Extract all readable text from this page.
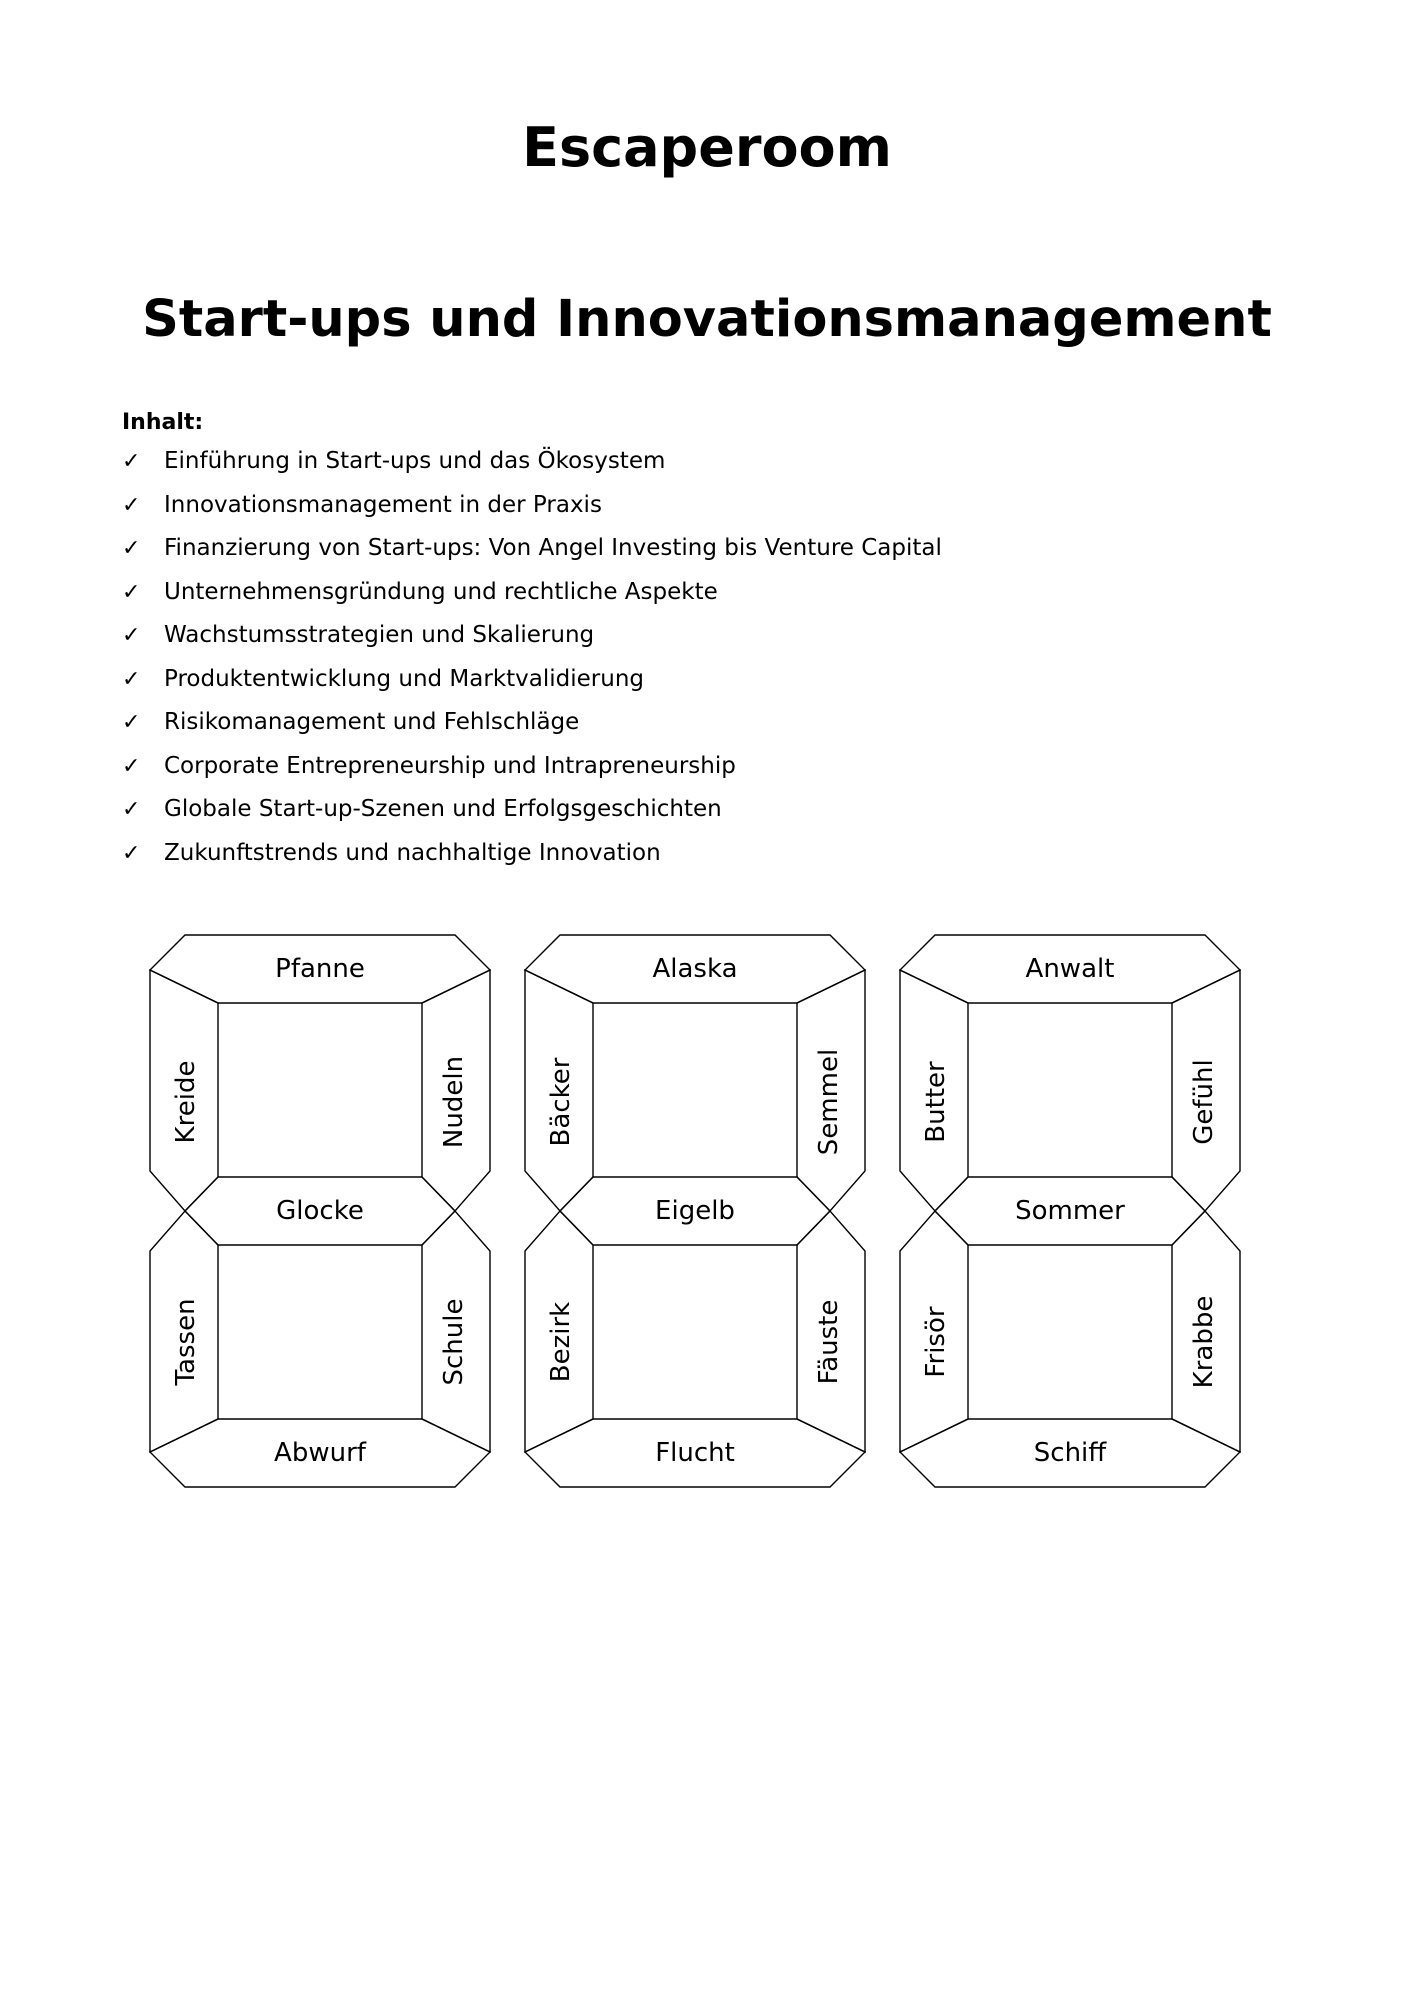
Escaperoom
Start-ups und Innovationsmanagement
Inhalt:
✓ Einführung in Start-ups und das Ökosystem
✓ Innovationsmanagement in der Praxis
✓ Finanzierung von Start-ups: Von Angel Investing bis Venture Capital
✓ Unternehmensgründung und rechtliche Aspekte
✓ Wachstumsstrategien und Skalierung
✓ Produktentwicklung und Marktvalidierung
✓ Risikomanagement und Fehlschläge
✓ Corporate Entrepreneurship und Intrapreneurship
✓ Globale Start-up-Szenen und Erfolgsgeschichten
✓ Zukunftstrends und nachhaltige Innovation
Pfanne
Kreide	Nudeln
Glocke
Tassen	Schule
Abwurf
Alaska
Bäcker	Semmel
Eigelb
Bezirk	Fäuste
Flucht
Anwalt
Butter	Gefühl
Sommer
Frisör	Krabbe
Schiff
